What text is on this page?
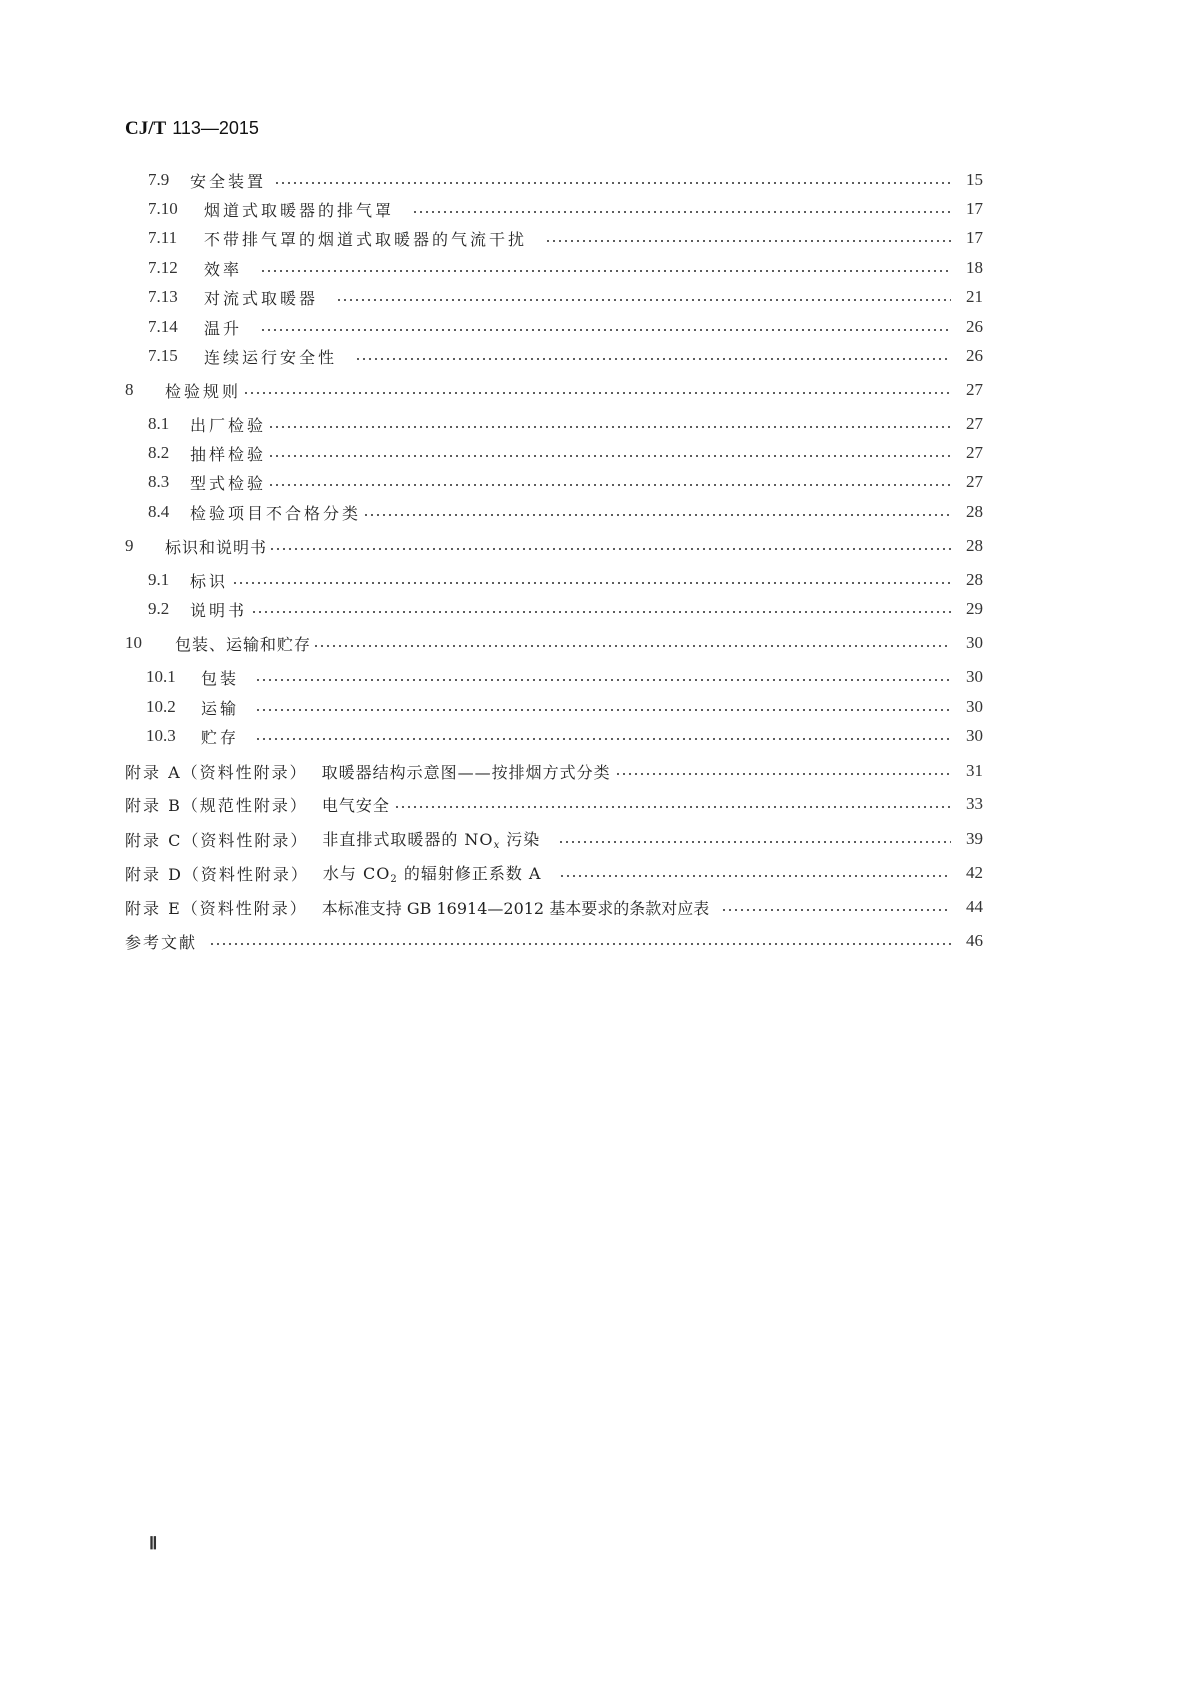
CJ/T 113—2015
7.9	安全装置	15
7.10	烟道式取暖器的排气罩	17
7.11	不带排气罩的烟道式取暖器的气流干扰	17
7.12	效率	18
7.13	对流式取暖器	21
7.14	温升	26
7.15	连续运行安全性	26
8	检验规则	27
8.1	出厂检验	27
8.2	抽样检验	27
8.3	型式检验	27
8.4	检验项目不合格分类	28
9	标识和说明书	28
9.1	标识	28
9.2	说明书	29
10	包装、运输和贮存	30
10.1	包装	30
10.2	运输	30
10.3	贮存	30
附录 A（资料性附录） 取暖器结构示意图——按排烟方式分类	31
附录 B（规范性附录） 电气安全	33
附录 C（资料性附录） 非直排式取暖器的 $NO_x$ 污染	39
附录 D（资料性附录） 水与 $CO_2$ 的辐射修正系数 A	42
附录 E（资料性附录） 本标准支持 GB 16914—2012 基本要求的条款对应表	44
参考文献	46
Ⅱ
